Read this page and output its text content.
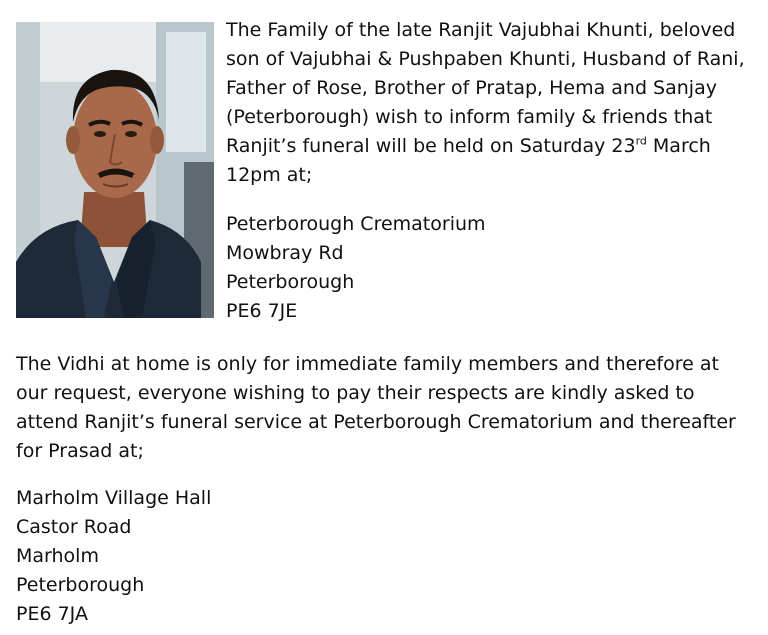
The Family of the late Ranjit Vajubhai Khunti, beloved son of Vajubhai & Pushpaben Khunti, Husband of Rani, Father of Rose, Brother of Pratap, Hema and Sanjay (Peterborough) wish to inform family & friends that Ranjit’s funeral will be held on Saturday 23rd March 12pm at;

Peterborough Crematorium
Mowbray Rd
Peterborough
PE6 7JE

The Vidhi at home is only for immediate family members and therefore at our request, everyone wishing to pay their respects are kindly asked to attend Ranjit’s funeral service at Peterborough Crematorium and thereafter for Prasad at;

Marholm Village Hall
Castor Road
Marholm
Peterborough
PE6 7JA
